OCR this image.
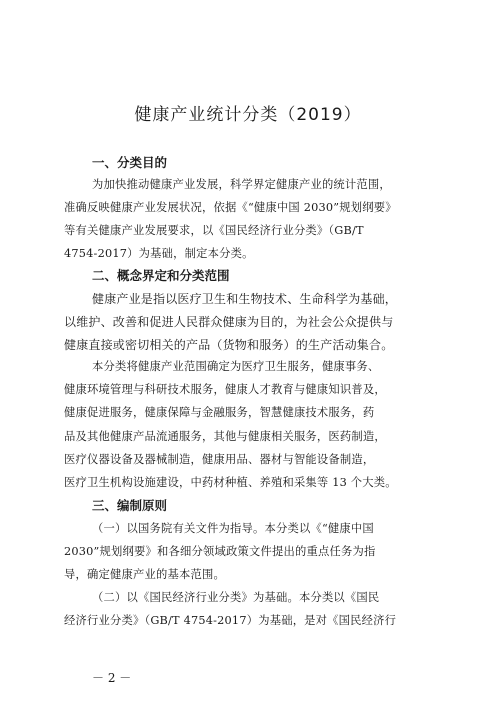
健康产业统计分类（2019）
一、分类目的
为加快推动健康产业发展，科学界定健康产业的统计范围，
准确反映健康产业发展状况，依据《“健康中国 2030”规划纲要》
等有关健康产业发展要求，以《国民经济行业分类》（GB/T
4754-2017）为基础，制定本分类。
二、概念界定和分类范围
健康产业是指以医疗卫生和生物技术、生命科学为基础，
以维护、改善和促进人民群众健康为目的，为社会公众提供与
健康直接或密切相关的产品（货物和服务）的生产活动集合。
本分类将健康产业范围确定为医疗卫生服务，健康事务、
健康环境管理与科研技术服务，健康人才教育与健康知识普及，
健康促进服务，健康保障与金融服务，智慧健康技术服务，药
品及其他健康产品流通服务，其他与健康相关服务，医药制造，
医疗仪器设备及器械制造，健康用品、器材与智能设备制造，
医疗卫生机构设施建设，中药材种植、养殖和采集等 13 个大类。
三、编制原则
（一）以国务院有关文件为指导。本分类以《“健康中国
2030”规划纲要》和各细分领域政策文件提出的重点任务为指
导，确定健康产业的基本范围。
（二）以《国民经济行业分类》为基础。本分类以《国民
经济行业分类》（GB/T 4754-2017）为基础，是对《国民经济行
－ 2 －
